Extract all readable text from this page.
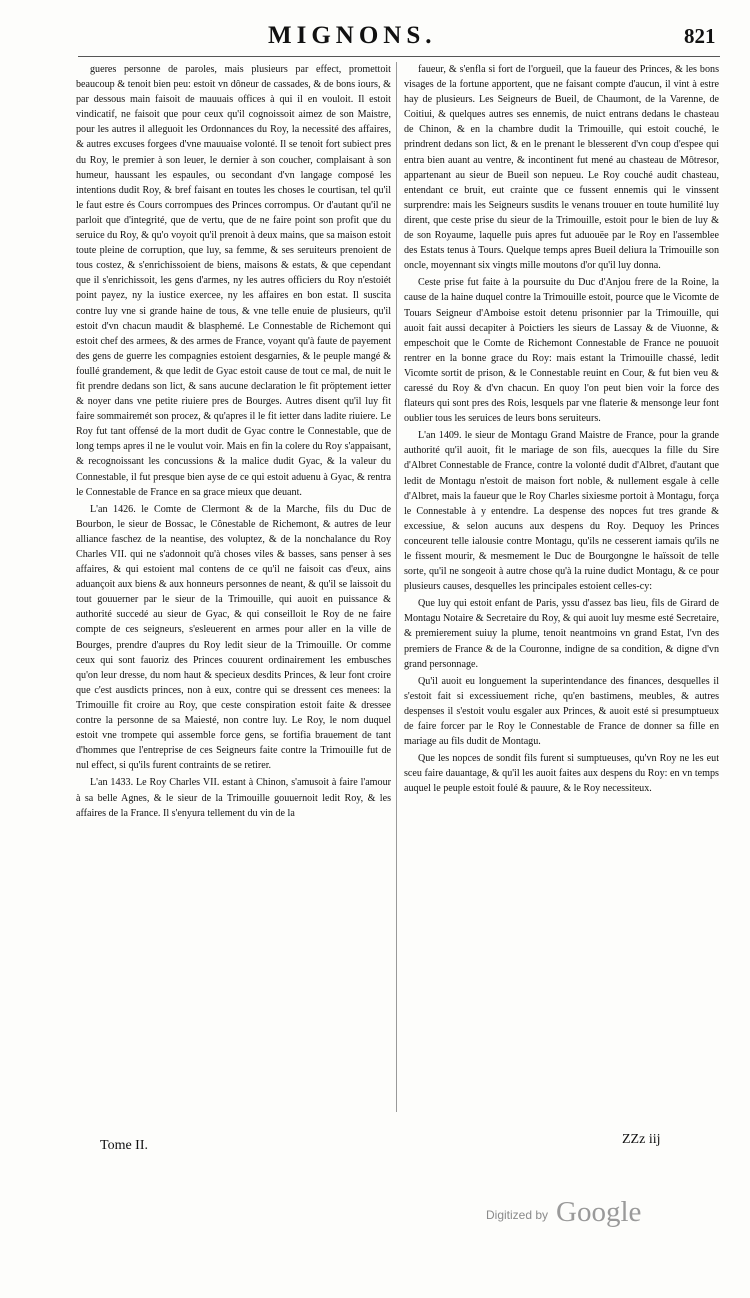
MIGNONS.	821

gueres personne de paroles, mais plusieurs par effect, promettoit beaucoup & tenoit bien peu: estoit vn dôneur de cassades, & de bons iours, & par dessous main faisoit de mauuais offices à qui il en vouloit. Il estoit vindicatif, ne faisoit que pour ceux qu'il cognoissoit aimez de son Maistre, pour les autres il alleguoit les Ordonnances du Roy, la necessité des affaires, & autres excuses forgees d'vne mauuaise volonté. Il se tenoit fort subiect pres du Roy, le premier à son leuer, le dernier à son coucher, complaisant à son humeur, haussant les espaules, ou secondant d'vn langage composé les intentions dudit Roy, & bref faisant en toutes les choses le courtisan, tel qu'il le faut estre és Cours corrompues des Princes corrompus. Or d'autant qu'il ne parloit que d'integrité, que de vertu, que de ne faire point son profit que du seruice du Roy, & qu'o voyoit qu'il prenoit à deux mains, que sa maison estoit toute pleine de corruption, que luy, sa femme, & ses seruiteurs prenoient de tous costez, & s'enrichissoient de biens, maisons & estats, & que cependant que il s'enrichissoit, les gens d'armes, ny les autres officiers du Roy n'estoiét point payez, ny la iustice exercee, ny les affaires en bon estat. Il suscita contre luy vne si grande haine de tous, & vne telle enuie de plusieurs, qu'il estoit d'vn chacun maudit & blasphemé. Le Connestable de Richemont qui estoit chef des armees, & des armes de France, voyant qu'à faute de payement des gens de guerre les compagnies estoient desgarnies, & le peuple mangé & foullé grandement, & que ledit de Gyac estoit cause de tout ce mal, de nuit le fit prendre dedans son lict, & sans aucune declaration le fit pröptement ietter & noyer dans vne petite riuiere pres de Bourges. Autres disent qu'il luy fit faire sommairemét son procez, & qu'apres il le fit ietter dans ladite riuiere. Le Roy fut tant offensé de la mort dudit de Gyac contre le Connestable, que de long temps apres il ne le voulut voir. Mais en fin la colere du Roy s'appaisant, & recognoissant les concussions & la malice dudit Gyac, & la valeur du Connestable, il fut presque bien ayse de ce qui estoit aduenu à Gyac, & rentra le Connestable de France en sa grace mieux que deuant.

L'an 1426. le Comte de Clermont & de la Marche, fils du Duc de Bourbon, le sieur de Bossac, le Cônestable de Richemont, & autres de leur alliance faschez de la neantise, des voluptez, & de la nonchalance du Roy Charles VII. qui ne s'adonnoit qu'à choses viles & basses, sans penser à ses affaires, & qui estoient mal contens de ce qu'il ne faisoit cas d'eux, ains aduançoit aux biens & aux honneurs personnes de neant, & qu'il se laissoit du tout gouuerner par le sieur de la Trimouille, qui auoit en puissance & authorité succedé au sieur de Gyac, & qui conseilloit le Roy de ne faire compte de ces seigneurs, s'esleuerent en armes pour aller en la ville de Bourges, prendre d'aupres du Roy ledit sieur de la Trimouille. Or comme ceux qui sont fauoriz des Princes couurent ordinairement les embusches qu'on leur dresse, du nom haut & specieux desdits Princes, & leur font croire que c'est ausdicts princes, non à eux, contre qui se dressent ces menees: la Trimouille fit croire au Roy, que ceste conspiration estoit faite & dressee contre la personne de sa Maiesté, non contre luy. Le Roy, le nom duquel estoit vne trompete qui assemble force gens, se fortifia brauement de tant d'hommes que l'entreprise de ces Seigneurs faite contre la Trimouille fut de nul effect, si qu'ils furent contraints de se retirer.

L'an 1433. Le Roy Charles VII. estant à Chinon, s'amusoit à faire l'amour à sa belle Agnes, & le sieur de la Trimouille gouuernoit ledit Roy, & les affaires de la France. Il s'enyura tellement du vin de la

faueur, & s'enfla si fort de l'orgueil, que la faueur des Princes, & les bons visages de la fortune apportent, que ne faisant compte d'aucun, il vint à estre hay de plusieurs. Les Seigneurs de Bueil, de Chaumont, de la Varenne, de Coitiui, & quelques autres ses ennemis, de nuict entrans dedans le chasteau de Chinon, & en la chambre dudit la Trimouille, qui estoit couché, le prindrent dedans son lict, & en le prenant le blesserent d'vn coup d'espee qui entra bien auant au ventre, & incontinent fut mené au chasteau de Môtresor, appartenant au sieur de Bueil son nepueu. Le Roy couché audit chasteau, entendant ce bruit, eut crainte que ce fussent ennemis qui le vinssent surprendre: mais les Seigneurs susdits le venans trouuer en toute humilité luy dirent, que ceste prise du sieur de la Trimouille, estoit pour le bien de luy & de son Royaume, laquelle puis apres fut aduouëe par le Roy en l'assemblee des Estats tenus à Tours. Quelque temps apres Bueil deliura la Trimouille son oncle, moyennant six vingts mille moutons d'or qu'il luy donna.

Ceste prise fut faite à la poursuite du Duc d'Anjou frere de la Roine, la cause de la haine duquel contre la Trimouille estoit, pource que le Vicomte de Touars Seigneur d'Amboise estoit detenu prisonnier par la Trimouille, qui auoit fait aussi decapiter à Poictiers les sieurs de Lassay & de Viuonne, & empeschoit que le Comte de Richemont Connestable de France ne pouuoit rentrer en la bonne grace du Roy: mais estant la Trimouille chassé, ledit Vicomte sortit de prison, & le Connestable reuint en Cour, & fut bien veu & caressé du Roy & d'vn chacun. En quoy l'on peut bien voir la force des flateurs qui sont pres des Rois, lesquels par vne flaterie & mensonge leur font oublier tous les seruices de leurs bons seruiteurs.

L'an 1409. le sieur de Montagu Grand Maistre de France, pour la grande authorité qu'il auoit, fit le mariage de son fils, auecques la fille du Sire d'Albret Connestable de France, contre la volonté dudit d'Albret, d'autant que ledit de Montagu n'estoit de maison fort noble, & nullement esgale à celle d'Albret, mais la faueur que le Roy Charles sixiesme portoit à Montagu, força le Connestable à y entendre. La despense des nopces fut tres grande & excessiue, & selon aucuns aux despens du Roy. Dequoy les Princes conceurent telle ialousie contre Montagu, qu'ils ne cesserent iamais qu'ils ne le fissent mourir, & mesmement le Duc de Bourgongne le haïssoit de telle sorte, qu'il ne songeoit à autre chose qu'à la ruine dudict Montagu, & ce pour plusieurs causes, desquelles les principales estoient celles-cy:

Que luy qui estoit enfant de Paris, yssu d'assez bas lieu, fils de Girard de Montagu Notaire & Secretaire du Roy, & qui auoit luy mesme esté Secretaire, & premierement suiuy la plume, tenoit neantmoins vn grand Estat, l'vn des premiers de France & de la Couronne, indigne de sa condition, & digne d'vn grand personnage.

Qu'il auoit eu longuement la superintendance des finances, desquelles il s'estoit fait si excessiuement riche, qu'en bastimens, meubles, & autres despenses il s'estoit voulu esgaler aux Princes, & auoit esté si presumptueux de faire forcer par le Roy le Connestable de France de donner sa fille en mariage au fils dudit de Montagu.

Que les nopces de sondit fils furent si sumptueuses, qu'vn Roy ne les eut sceu faire dauantage, & qu'il les auoit faites aux despens du Roy: en vn temps auquel le peuple estoit foulé & pauure, & le Roy necessiteux.

Tome II.	ZZz iij
Digitized by Google
